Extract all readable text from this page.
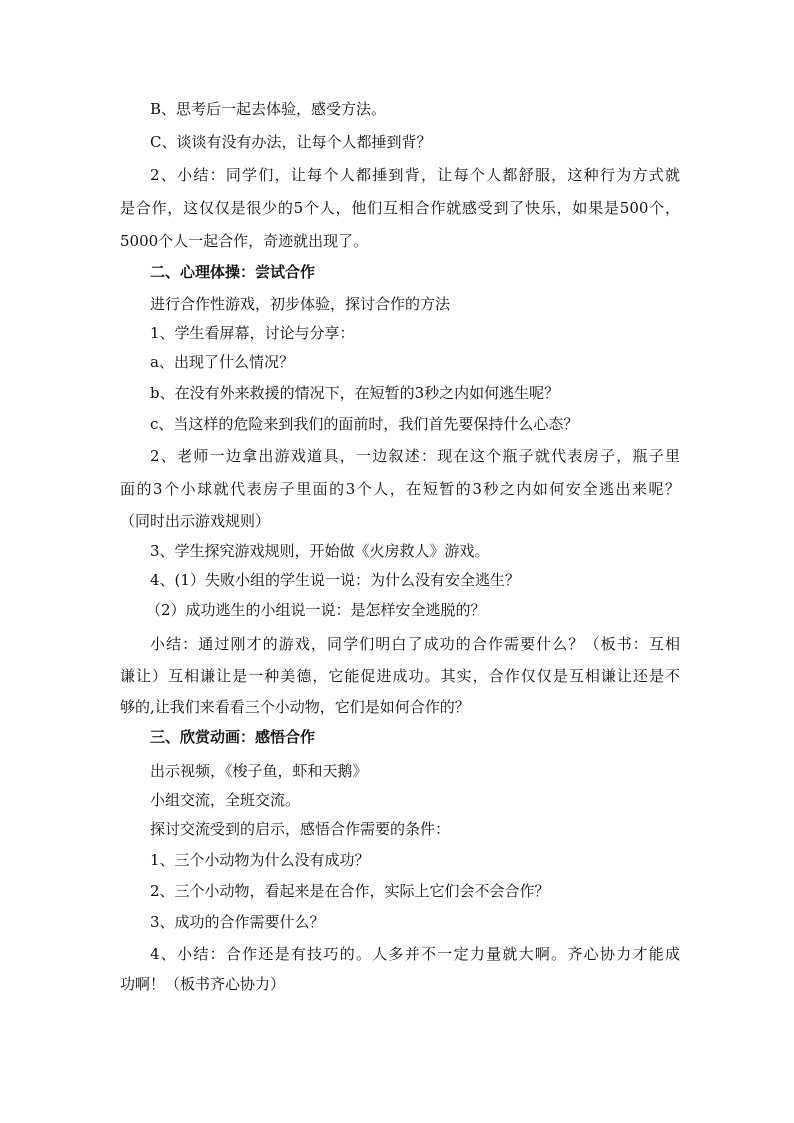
B、思考后一起去体验，感受方法。
C、谈谈有没有办法，让每个人都捶到背？
2、小结：同学们，让每个人都捶到背，让每个人都舒服，这种行为方式就
是合作，这仅仅是很少的5个人，他们互相合作就感受到了快乐，如果是500个，
5000个人一起合作，奇迹就出现了。
二、心理体操：尝试合作
进行合作性游戏，初步体验，探讨合作的方法
1、学生看屏幕，讨论与分享：
a、出现了什么情况？
b、在没有外来救援的情况下，在短暂的3秒之内如何逃生呢？
c、当这样的危险来到我们的面前时，我们首先要保持什么心态？
2、老师一边拿出游戏道具，一边叙述：现在这个瓶子就代表房子，瓶子里
面的3个小球就代表房子里面的3个人，在短暂的3秒之内如何安全逃出来呢？
（同时出示游戏规则）
3、学生探究游戏规则，开始做《火房救人》游戏。
4、(1）失败小组的学生说一说：为什么没有安全逃生？
（2）成功逃生的小组说一说：是怎样安全逃脱的？
小结：通过刚才的游戏，同学们明白了成功的合作需要什么？（板书：互相
谦让）互相谦让是一种美德，它能促进成功。其实，合作仅仅是互相谦让还是不
够的,让我们来看看三个小动物，它们是如何合作的？
三、欣赏动画：感悟合作
出示视频，《梭子鱼，虾和天鹅》
小组交流，全班交流。
探讨交流受到的启示，感悟合作需要的条件：
1、三个小动物为什么没有成功？
2、三个小动物，看起来是在合作，实际上它们会不会合作？
3、成功的合作需要什么？
4、小结：合作还是有技巧的。人多并不一定力量就大啊。齐心协力才能成
功啊！（板书齐心协力）
